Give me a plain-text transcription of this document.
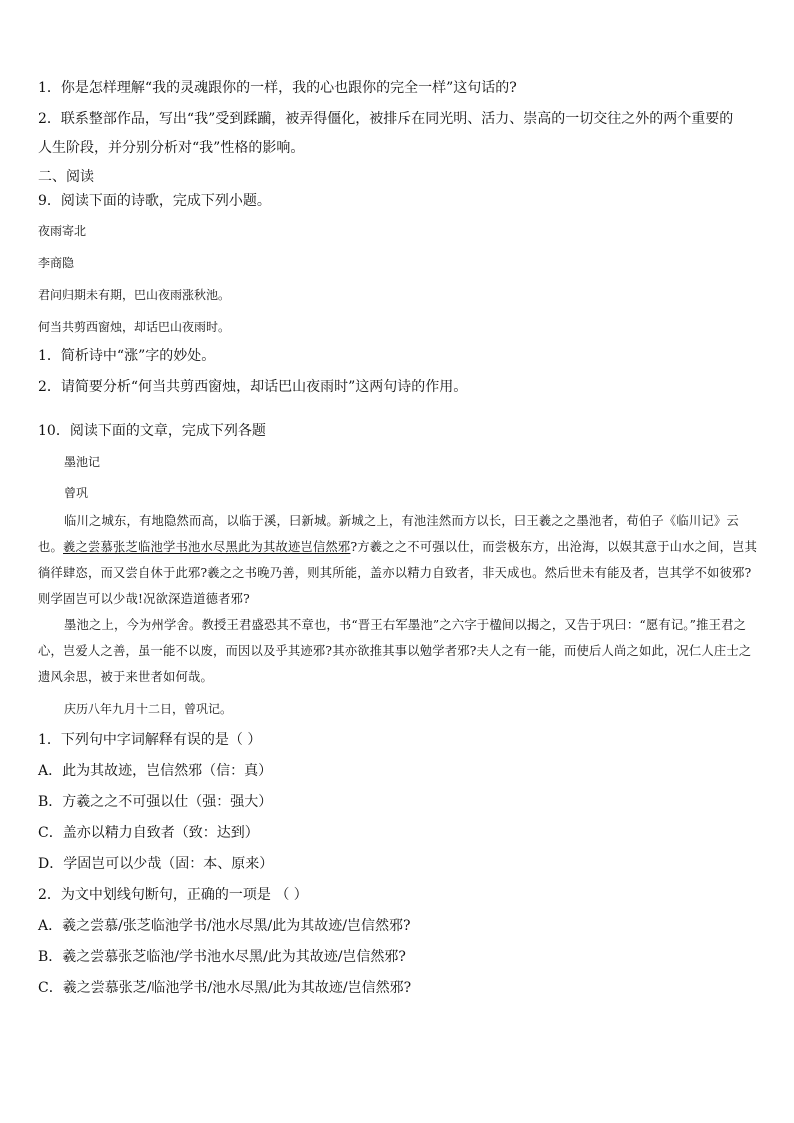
1．你是怎样理解“我的灵魂跟你的一样，我的心也跟你的完全一样”这句话的?
2．联系整部作品，写出“我”受到蹂躏，被弄得僵化，被排斥在同光明、活力、崇高的一切交往之外的两个重要的
人生阶段，并分别分析对“我”性格的影响。
二、阅读
9．阅读下面的诗歌，完成下列小题。
夜雨寄北
李商隐
君问归期未有期，巴山夜雨涨秋池。
何当共剪西窗烛，却话巴山夜雨时。
1．简析诗中“涨”字的妙处。
2．请简要分析“何当共剪西窗烛，却话巴山夜雨时”这两句诗的作用。
10．阅读下面的文章，完成下列各题
墨池记
曾巩

临川之城东，有地隐然而高，以临于溪，曰新城。新城之上，有池洼然而方以长，曰王羲之之墨池者，荀伯子《临川记》云也。羲之尝慕张芝临池学书池水尽黑此为其故迹岂信然邪?方羲之之不可强以仕，而尝极东方，出沧海，以娱其意于山水之间，岂其徜徉肆恣，而又尝自休于此邪?羲之之书晚乃善，则其所能，盖亦以精力自致者，非天成也。然后世未有能及者，岂其学不如彼邪?则学固岂可以少哉!况欲深造道德者邪?

墨池之上，今为州学舍。教授王君盛恐其不章也，书“晋王右军墨池”之六字于楹间以揭之，又告于巩曰：“愿有记。”推王君之心，岂爱人之善，虽一能不以废，而因以及乎其迹邪?其亦欲推其事以勉学者邪?夫人之有一能，而使后人尚之如此，况仁人庄士之遗风余思，被于来世者如何哉。

庆历八年九月十二日，曾巩记。
1．下列句中字词解释有误的是（ ）
A．此为其故迹，岂信然邪（信：真）
B．方羲之之不可强以仕（强：强大）
C．盖亦以精力自致者（致：达到）
D．学固岂可以少哉（固：本、原来）
2．为文中划线句断句，正确的一项是 （ ）
A．羲之尝慕/张芝临池学书/池水尽黑/此为其故迹/岂信然邪?
B．羲之尝慕张芝临池/学书池水尽黑/此为其故迹/岂信然邪?
C．羲之尝慕张芝/临池学书/池水尽黑/此为其故迹/岂信然邪?
